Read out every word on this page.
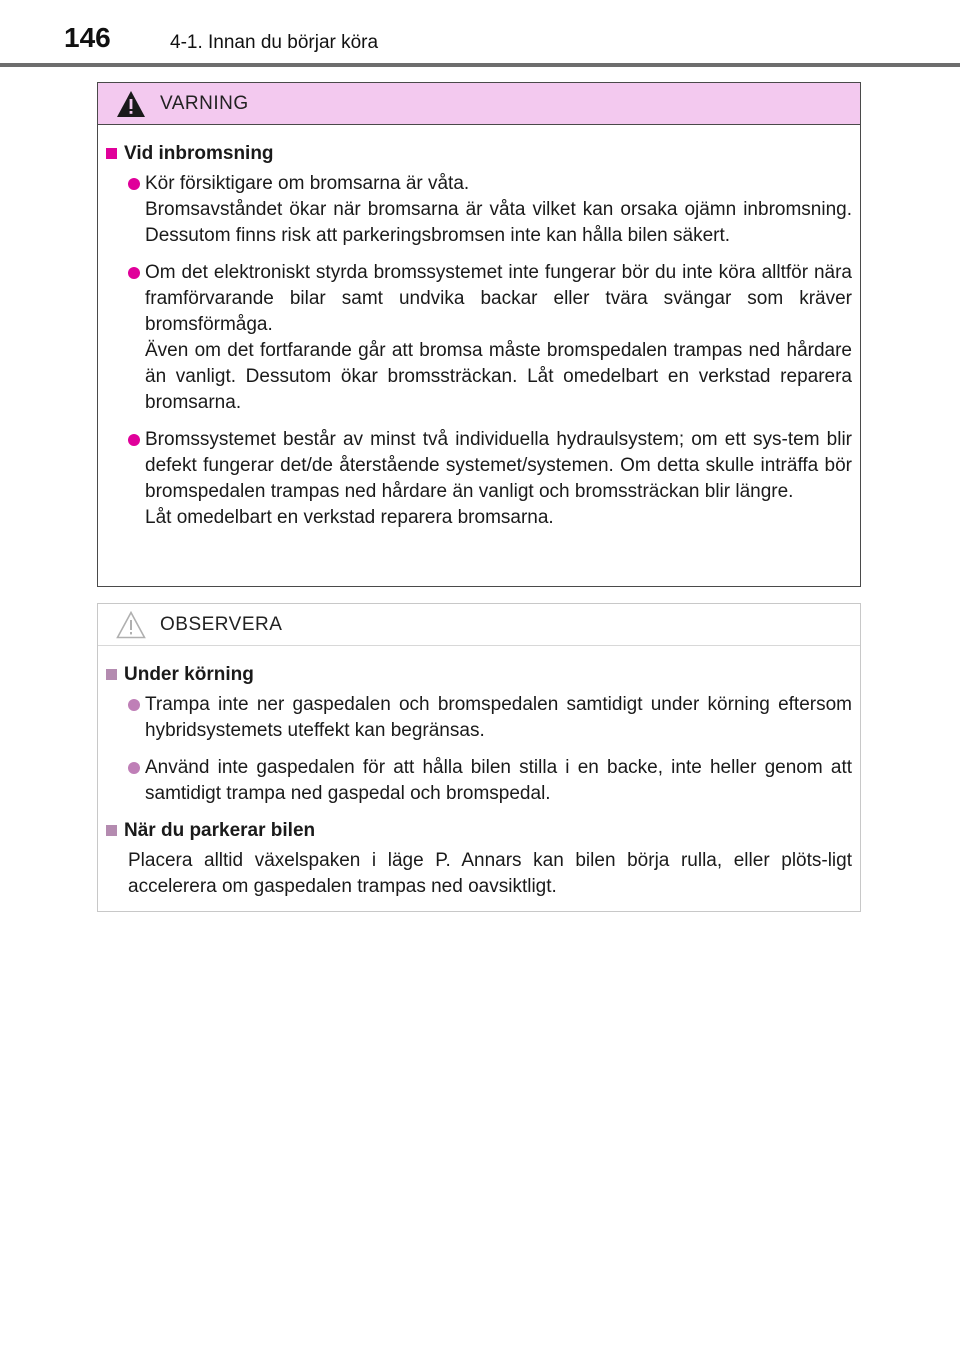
146	4-1. Innan du börjar köra
VARNING
Vid inbromsning
Kör försiktigare om bromsarna är våta.
Bromsavståndet ökar när bromsarna är våta vilket kan orsaka ojämn inbromsning. Dessutom finns risk att parkeringsbromsen inte kan hålla bilen säkert.
Om det elektroniskt styrda bromssystemet inte fungerar bör du inte köra alltför nära framförvarande bilar samt undvika backar eller tvära svängar som kräver bromsförmåga.
Även om det fortfarande går att bromsa måste bromspedalen trampas ned hårdare än vanligt. Dessutom ökar bromssträckan. Låt omedelbart en verkstad reparera bromsarna.
Bromssystemet består av minst två individuella hydraulsystem; om ett sys-tem blir defekt fungerar det/de återstående systemet/systemen. Om detta skulle inträffa bör bromspedalen trampas ned hårdare än vanligt och bromssträckan blir längre.
Låt omedelbart en verkstad reparera bromsarna.
OBSERVERA
Under körning
Trampa inte ner gaspedalen och bromspedalen samtidigt under körning eftersom hybridsystemets uteffekt kan begränsas.
Använd inte gaspedalen för att hålla bilen stilla i en backe, inte heller genom att samtidigt trampa ned gaspedal och bromspedal.
När du parkerar bilen
Placera alltid växelspaken i läge P. Annars kan bilen börja rulla, eller plöts-ligt accelerera om gaspedalen trampas ned oavsiktligt.
